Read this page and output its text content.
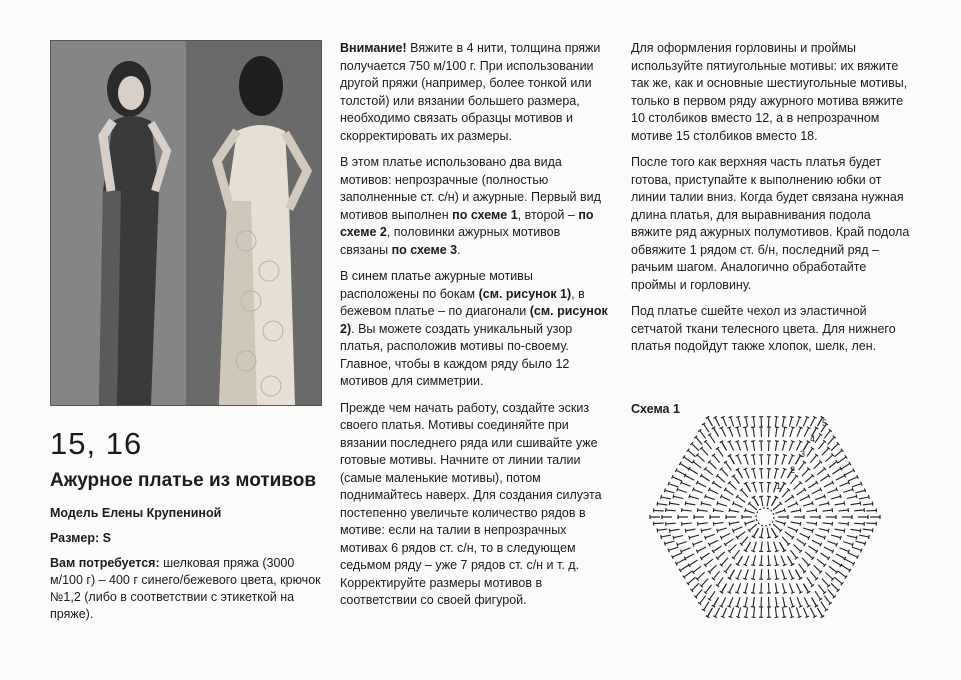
15, 16
Ажурное платье из мотивов

Модель Елены Крупениной

Размер: S

Вам потребуется: шелковая пряжа (3000 м/100 г) – 400 г синего/бежевого цвета, крючок №1,2 (либо в соответствии с этикеткой на пряже).

Внимание! Вяжите в 4 нити, толщина пряжи получается 750 м/100 г. При использовании другой пряжи (например, более тонкой или толстой) или вязании большего размера, необходимо связать образцы мотивов и скорректировать их размеры.

В этом платье использовано два вида мотивов: непрозрачные (полностью заполненные ст. с/н) и ажурные. Первый вид мотивов выполнен по схеме 1, второй – по схеме 2, половинки ажурных мотивов связаны по схеме 3.

В синем платье ажурные мотивы расположены по бокам (см. рисунок 1), в бежевом платье – по диагонали (см. рисунок 2). Вы можете создать уникальный узор платья, расположив мотивы по-своему. Главное, чтобы в каждом ряду было 12 мотивов для симметрии.

Прежде чем начать работу, создайте эскиз своего платья. Мотивы соединяйте при вязании последнего ряда или сшивайте уже готовые мотивы. Начните от линии талии (самые маленькие мотивы), потом поднимайтесь наверх. Для создания силуэта постепенно увеличьте количество рядов в мотиве: если на талии в непрозрачных мотивах 6 рядов ст. с/н, то в следующем седьмом ряду – уже 7 рядов ст. с/н и т. д. Корректируйте размеры мотивов в соответствии со своей фигурой.

Для оформления горловины и проймы используйте пятиугольные мотивы: их вяжите так же, как и основные шестиугольные мотивы, только в первом ряду ажурного мотива вяжите 10 столбиков вместо 12, а в непрозрачном мотиве 15 столбиков вместо 18.

После того как верхняя часть платья будет готова, приступайте к выполнению юбки от линии талии вниз. Когда будет связана нужная длина платья, для выравнивания подола вяжите ряд ажурных полумотивов. Край подола обвяжите 1 рядом ст. б/н, последний ряд – рачьим шагом. Аналогично обработайте проймы и горловину.

Под платье сшейте чехол из эластичной сетчатой ткани телесного цвета. Для нижнего платья подойдут также хлопок, шелк, лен.

Схема 1
5
4
3
2
1
